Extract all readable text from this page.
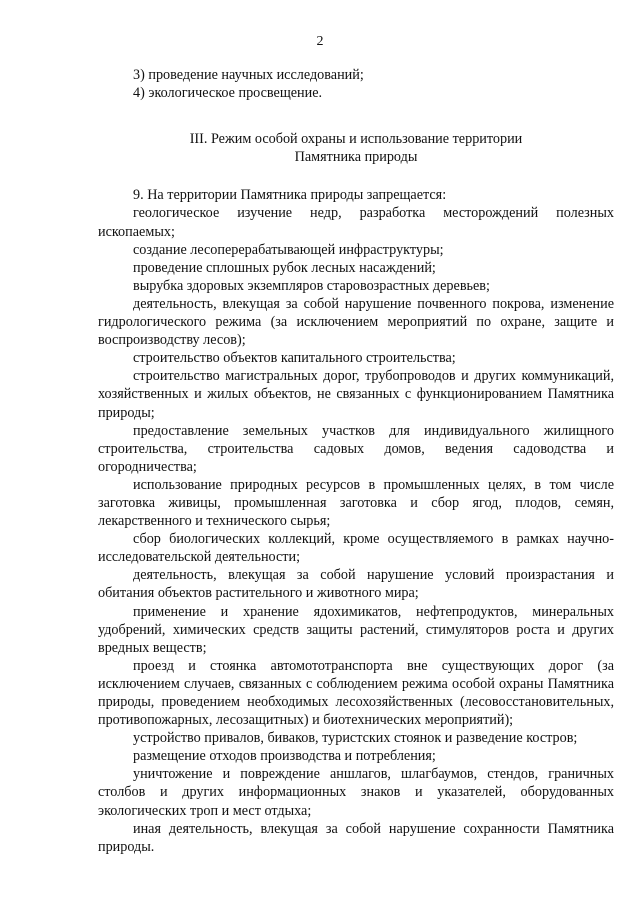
2

3) проведение научных исследований;

4) экологическое просвещение.

III. Режим особой охраны и использование территории
Памятника природы

9. На территории Памятника природы запрещается:

геологическое изучение недр, разработка месторождений полезных ископаемых;

создание лесоперерабатывающей инфраструктуры;

проведение сплошных рубок лесных насаждений;

вырубка здоровых экземпляров старовозрастных деревьев;

деятельность, влекущая за собой нарушение почвенного покрова, изменение гидрологического режима (за исключением мероприятий по охране, защите и воспроизводству лесов);

строительство объектов капитального строительства;

строительство магистральных дорог, трубопроводов и других коммуникаций, хозяйственных и жилых объектов, не связанных с функционированием Памятника природы;

предоставление земельных участков для индивидуального жилищного строительства, строительства садовых домов, ведения садоводства и огородничества;

использование природных ресурсов в промышленных целях, в том числе заготовка живицы, промышленная заготовка и сбор ягод, плодов, семян, лекарственного и технического сырья;

сбор биологических коллекций, кроме осуществляемого в рамках научно-исследовательской деятельности;

деятельность, влекущая за собой нарушение условий произрастания и обитания объектов растительного и животного мира;

применение и хранение ядохимикатов, нефтепродуктов, минеральных удобрений, химических средств защиты растений, стимуляторов роста и других вредных веществ;

проезд и стоянка автомототранспорта вне существующих дорог (за исключением случаев, связанных с соблюдением режима особой охраны Памятника природы, проведением необходимых лесохозяйственных (лесовосстановительных, противопожарных, лесозащитных) и биотехнических мероприятий);

устройство привалов, биваков, туристских стоянок и разведение костров;

размещение отходов производства и потребления;

уничтожение и повреждение аншлагов, шлагбаумов, стендов, граничных столбов и других информационных знаков и указателей, оборудованных экологических троп и мест отдыха;

иная деятельность, влекущая за собой нарушение сохранности Памятника природы.
